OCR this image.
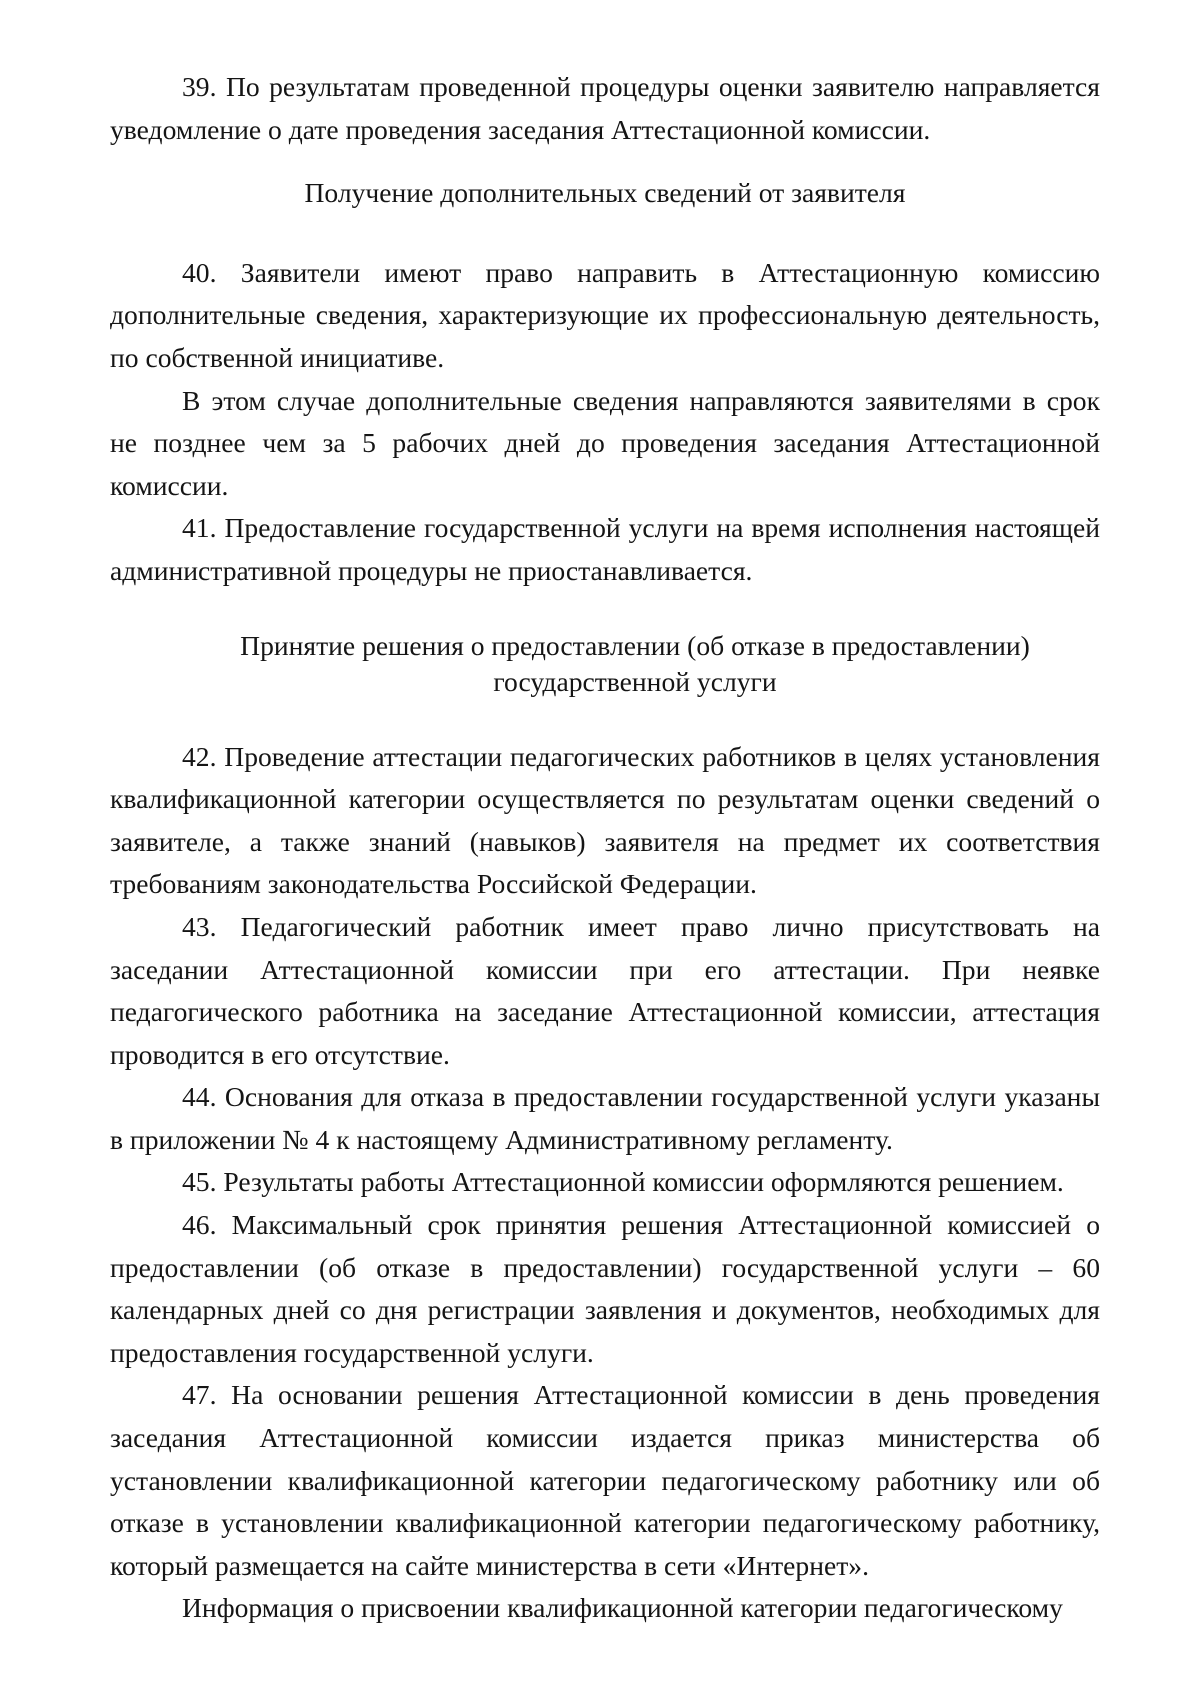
39. По результатам проведенной процедуры оценки заявителю направляется уведомление о дате проведения заседания Аттестационной комиссии.

Получение дополнительных сведений от заявителя

40. Заявители имеют право направить в Аттестационную комиссию дополнительные сведения, характеризующие их профессиональную деятельность, по собственной инициативе.

В этом случае дополнительные сведения направляются заявителями в срок не позднее чем за 5 рабочих дней до проведения заседания Аттестационной комиссии.

41. Предоставление государственной услуги на время исполнения настоящей административной процедуры не приостанавливается.

Принятие решения о предоставлении (об отказе в предоставлении)
государственной услуги

42. Проведение аттестации педагогических работников в целях установления квалификационной категории осуществляется по результатам оценки сведений о заявителе, а также знаний (навыков) заявителя на предмет их соответствия требованиям законодательства Российской Федерации.

43. Педагогический работник имеет право лично присутствовать на заседании Аттестационной комиссии при его аттестации. При неявке педагогического работника на заседание Аттестационной комиссии, аттестация проводится в его отсутствие.

44. Основания для отказа в предоставлении государственной услуги указаны в приложении № 4 к настоящему Административному регламенту.

45. Результаты работы Аттестационной комиссии оформляются решением.

46. Максимальный срок принятия решения Аттестационной комиссией о предоставлении (об отказе в предоставлении) государственной услуги – 60 календарных дней со дня регистрации заявления и документов, необходимых для предоставления государственной услуги.

47. На основании решения Аттестационной комиссии в день проведения заседания Аттестационной комиссии издается приказ министерства об установлении квалификационной категории педагогическому работнику или об отказе в установлении квалификационной категории педагогическому работнику, который размещается на сайте министерства в сети «Интернет».

Информация о присвоении квалификационной категории педагогическому
